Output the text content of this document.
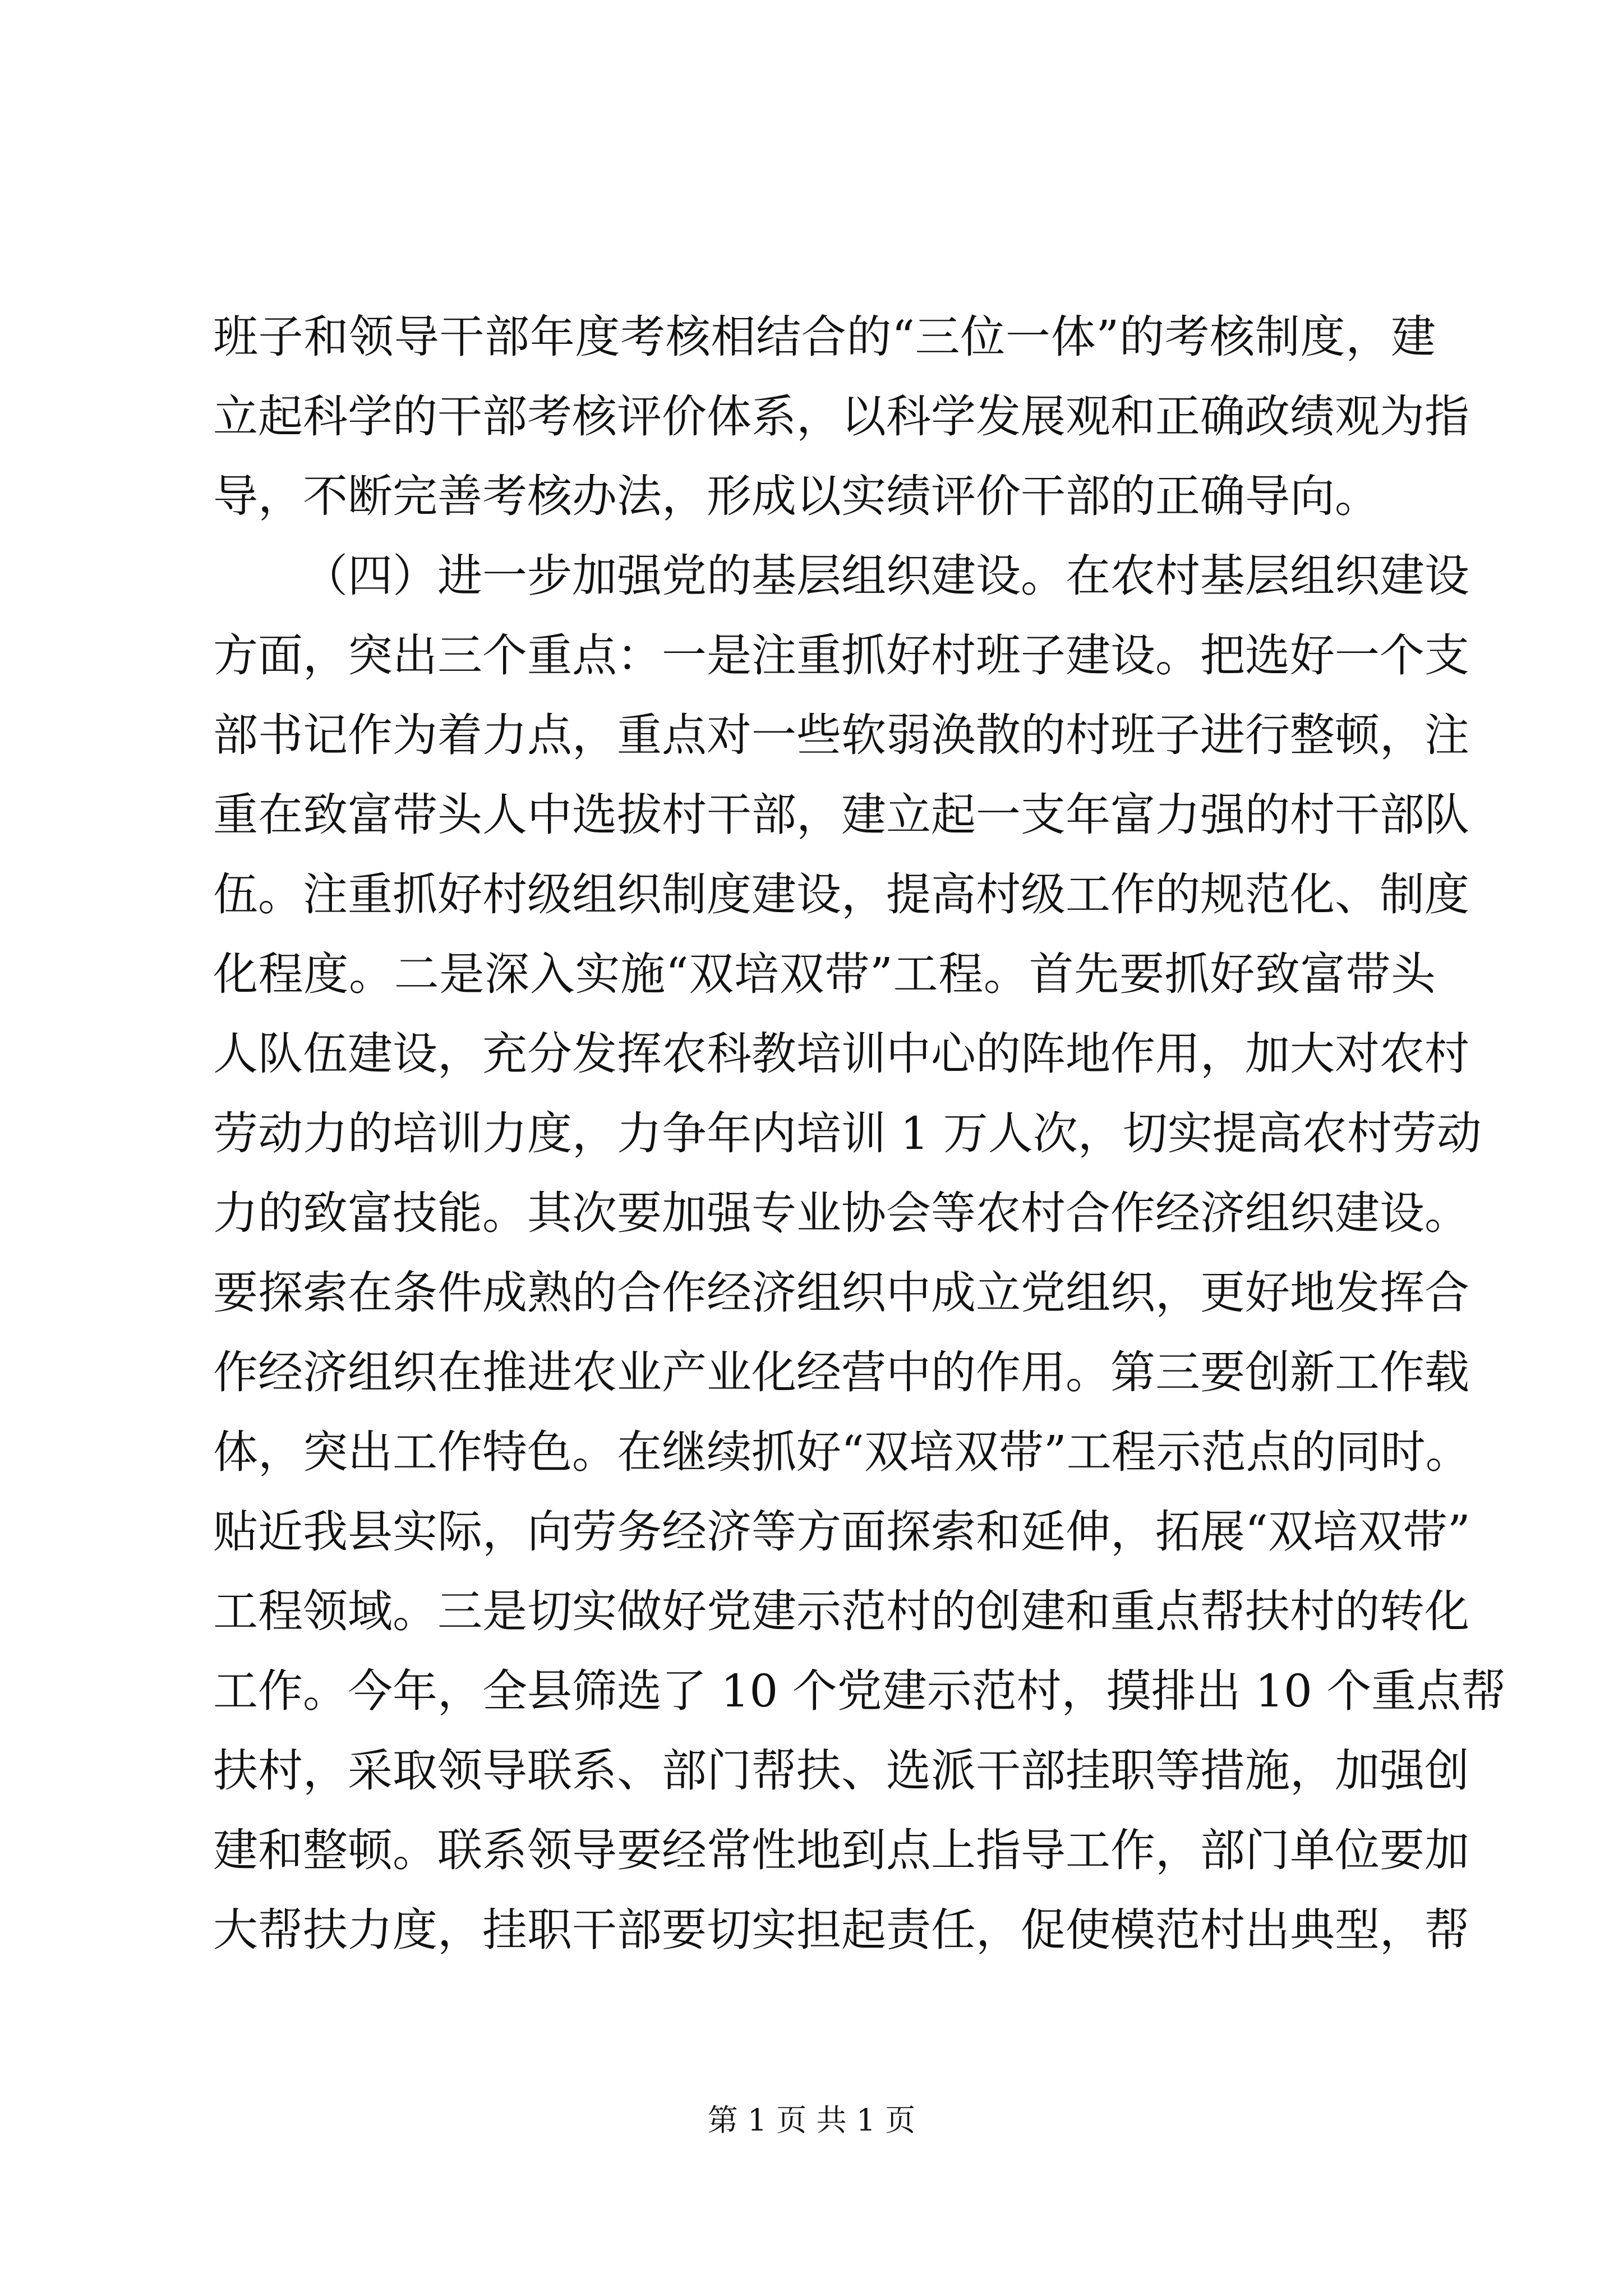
班子和领导干部年度考核相结合的“三位一体”的考核制度，建
立起科学的干部考核评价体系，以科学发展观和正确政绩观为指
导，不断完善考核办法，形成以实绩评价干部的正确导向。
（四）进一步加强党的基层组织建设。在农村基层组织建设
方面，突出三个重点：一是注重抓好村班子建设。把选好一个支
部书记作为着力点，重点对一些软弱涣散的村班子进行整顿，注
重在致富带头人中选拔村干部，建立起一支年富力强的村干部队
伍。注重抓好村级组织制度建设，提高村级工作的规范化、制度
化程度。二是深入实施“双培双带”工程。首先要抓好致富带头
人队伍建设，充分发挥农科教培训中心的阵地作用，加大对农村
劳动力的培训力度，力争年内培训 1 万人次，切实提高农村劳动
力的致富技能。其次要加强专业协会等农村合作经济组织建设。
要探索在条件成熟的合作经济组织中成立党组织，更好地发挥合
作经济组织在推进农业产业化经营中的作用。第三要创新工作载
体，突出工作特色。在继续抓好“双培双带”工程示范点的同时。
贴近我县实际，向劳务经济等方面探索和延伸，拓展“双培双带”
工程领域。三是切实做好党建示范村的创建和重点帮扶村的转化
工作。今年，全县筛选了 10 个党建示范村，摸排出 10 个重点帮
扶村，采取领导联系、部门帮扶、选派干部挂职等措施，加强创
建和整顿。联系领导要经常性地到点上指导工作，部门单位要加
大帮扶力度，挂职干部要切实担起责任，促使模范村出典型，帮
第 1 页 共 1 页
